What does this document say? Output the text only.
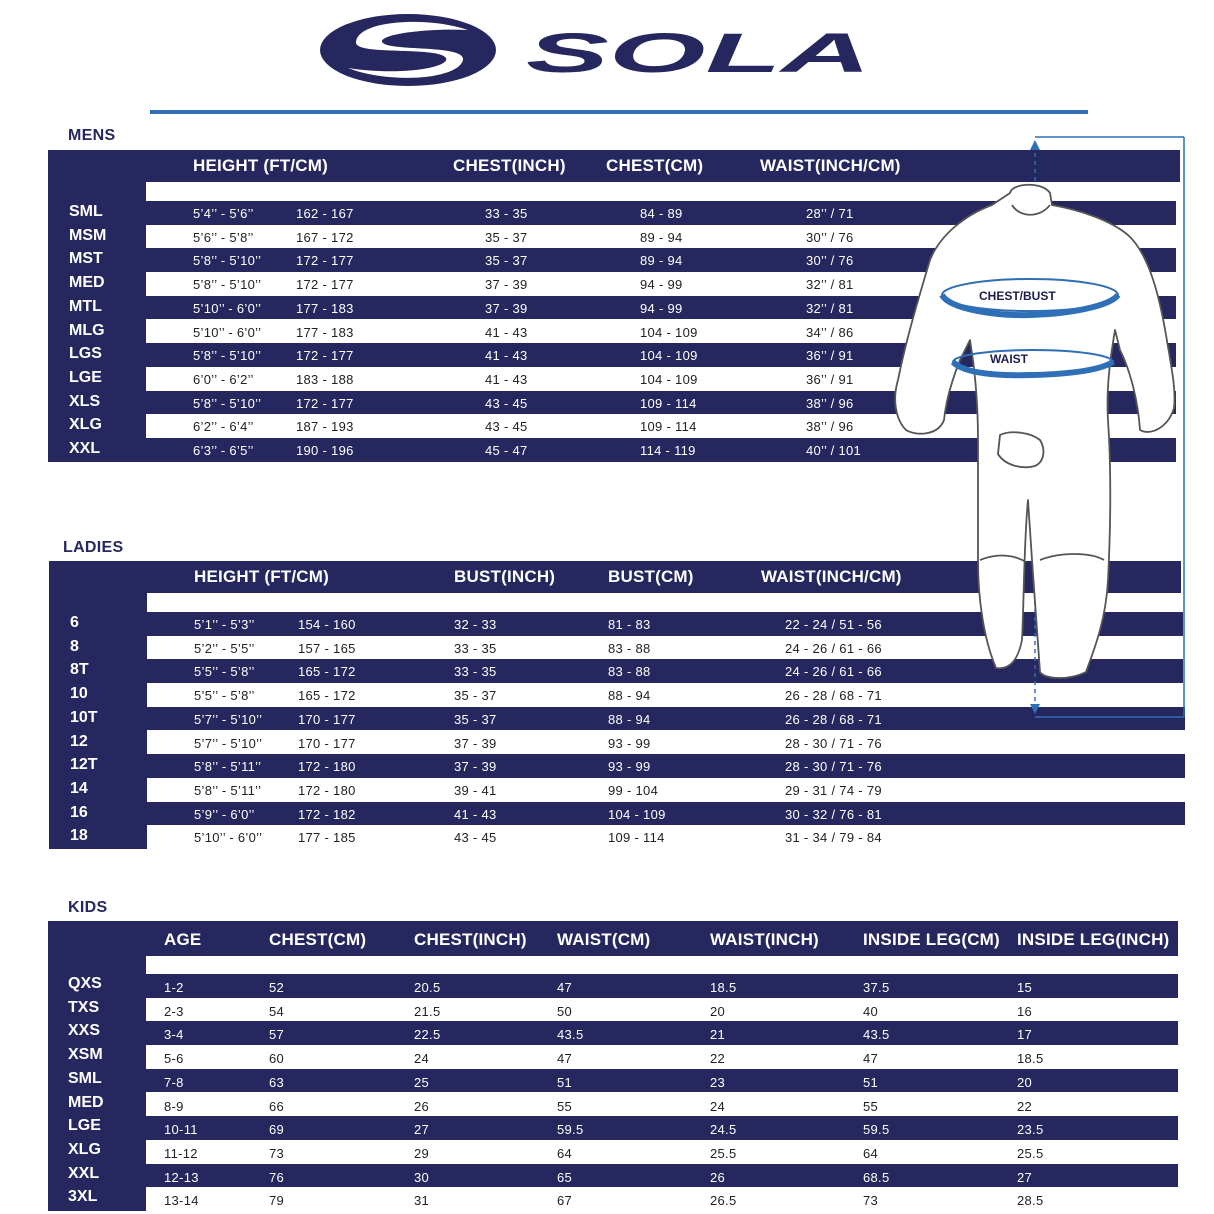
SOLA
MENS
HEIGHT (FT/CM)	CHEST(INCH) CHEST(CM)	WAIST(INCH/CM)
SML	5’4’’ - 5’6’’	162 - 167	33 - 35	84 - 89	28’’ / 71
MSM	5’6’’ - 5’8’’	167 - 172	35 - 37	89 - 94	30’’ / 76
MST	5’8’’ - 5’10’’	172 - 177	35 - 37	89 - 94	30’’ / 76
MED	5’8’’ - 5’10’’	172 - 177	37 - 39	94 - 99	32’’ / 81
MTL	5’10’’ - 6’0’’	177 - 183	37 - 39	94 - 99	32’’ / 81
MLG	5’10’’ - 6’0’’	177 - 183	41 - 43	104 - 109	34’’ / 86
LGS	5’8’’ - 5’10’’	172 - 177	41 - 43	104 - 109	36’’ / 91
LGE	6’0’’ - 6’2’’	183 - 188	41 - 43	104 - 109	36’’ / 91
XLS	5’8’’ - 5’10’’	172 - 177	43 - 45	109 - 114	38’’ / 96
XLG	6’2’’ - 6’4’’	187 - 193	43 - 45	109 - 114	38’’ / 96
XXL	6’3’’ - 6’5’’	190 - 196	45 - 47	114 - 119	40’’ / 101
LADIES
HEIGHT (FT/CM)	BUST(INCH)	BUST(CM)	WAIST(INCH/CM)
6	5’1’’ - 5’3’’	154 - 160	32 - 33	81 - 83	22 - 24 / 51 - 56
8	5’2’’ - 5’5’’	157 - 165	33 - 35	83 - 88	24 - 26 / 61 - 66
8T	5’5’’ - 5’8’’	165 - 172	33 - 35	83 - 88	24 - 26 / 61 - 66
10	5’5’’ - 5’8’’	165 - 172	35 - 37	88 - 94	26 - 28 / 68 - 71
10T	5’7’’ - 5’10’’	170 - 177	35 - 37	88 - 94	26 - 28 / 68 - 71
12	5’7’’ - 5’10’’	170 - 177	37 - 39	93 - 99	28 - 30 / 71 - 76
12T	5’8’’ - 5’11’’	172 - 180	37 - 39	93 - 99	28 - 30 / 71 - 76
14	5’8’’ - 5’11’’	172 - 180	39 - 41	99 - 104	29 - 31 / 74 - 79
16	5’9’’ - 6’0’’	172 - 182	41 - 43	104 - 109	30 - 32 / 76 - 81
18	5’10’’ - 6’0’’	177 - 185	43 - 45	109 - 114	31 - 34 / 79 - 84
KIDS
AGE	CHEST(CM)	CHEST(INCH) WAIST(CM)	WAIST(INCH)	INSIDE LEG(CM) INSIDE LEG(INCH)
QXS	1-2	52	20.5	47	18.5	37.5	15
TXS	2-3	54	21.5	50	20	40	16
XXS	3-4	57	22.5	43.5	21	43.5	17
XSM	5-6	60	24	47	22	47	18.5
SML	7-8	63	25	51	23	51	20
MED	8-9	66	26	55	24	55	22
LGE	10-11	69	27	59.5	24.5	59.5	23.5
XLG	11-12	73	29	64	25.5	64	25.5
XXL	12-13	76	30	65	26	68.5	27
3XL	13-14	79	31	67	26.5	73	28.5
CHEST/BUST
WAIST
